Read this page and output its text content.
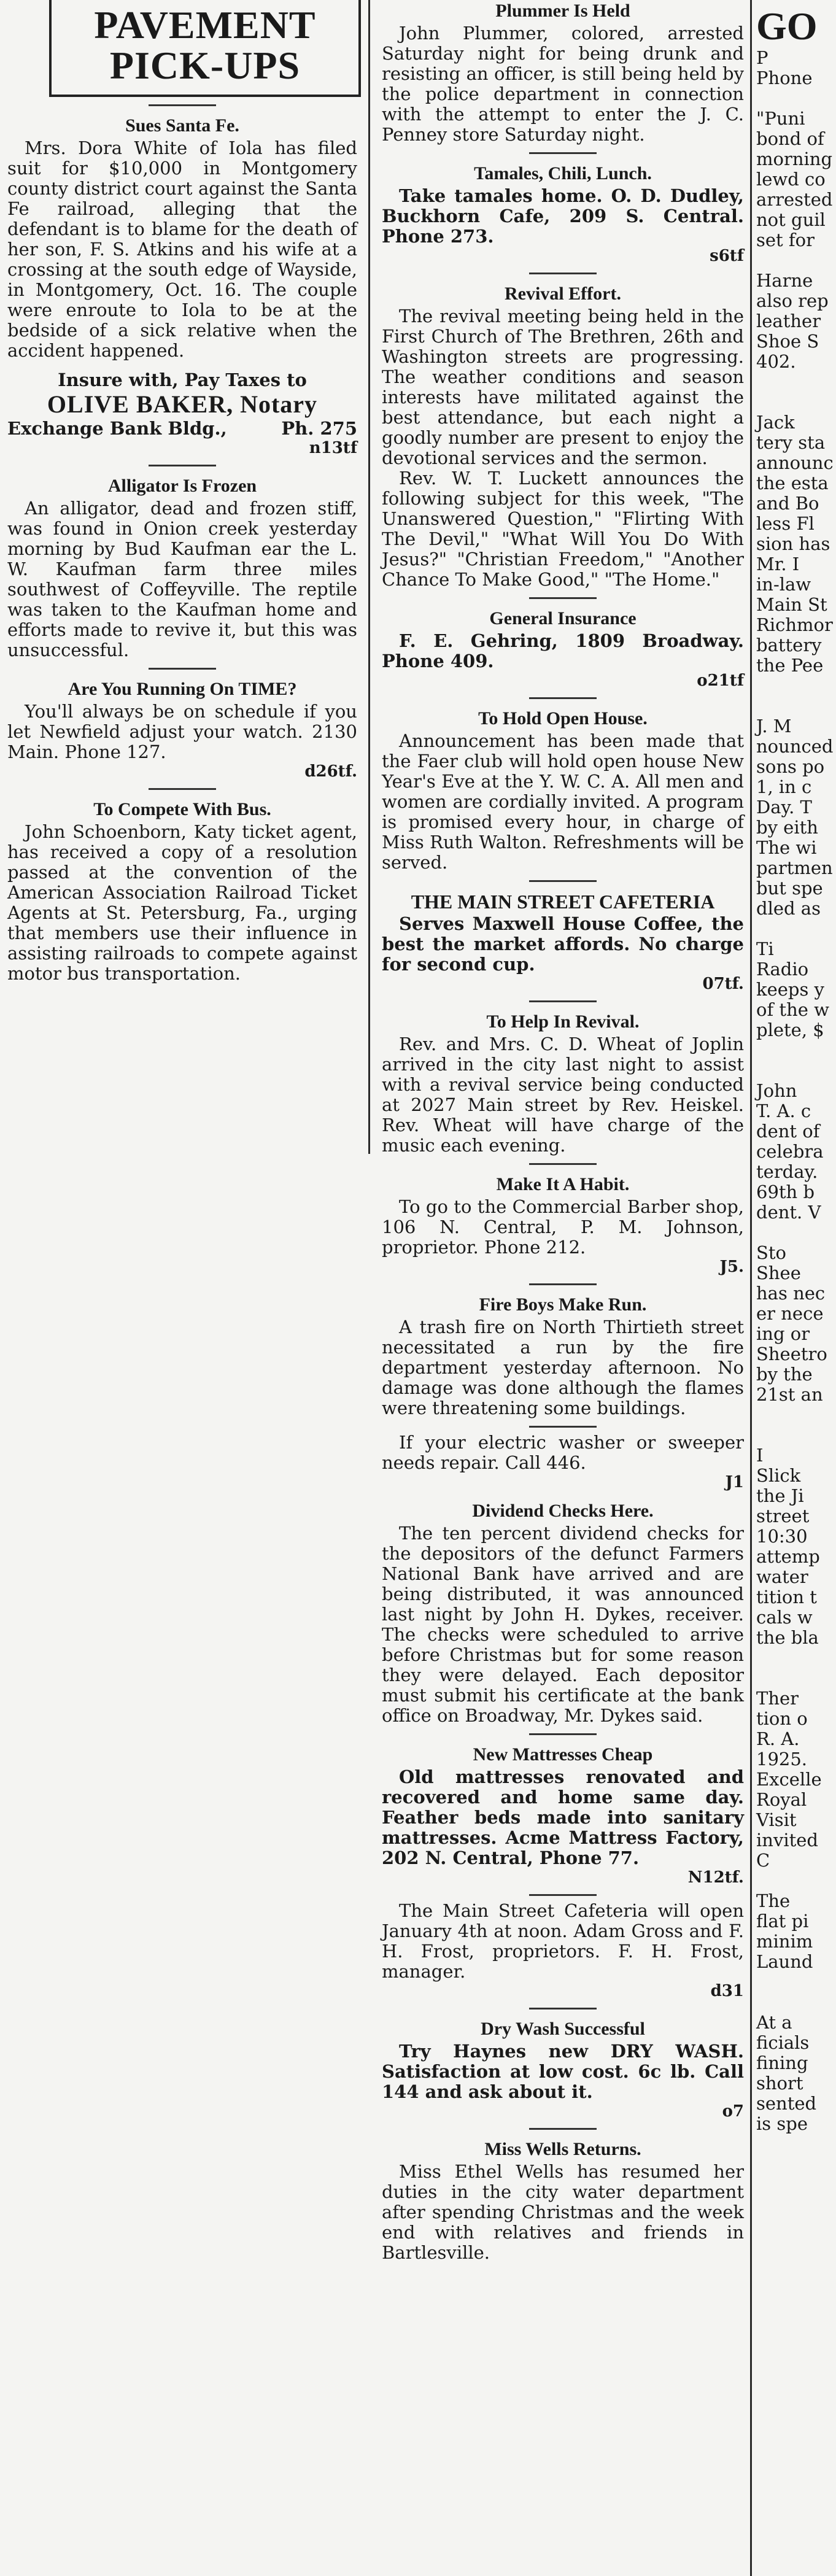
PAVEMENT
PICK-UPS
Sues Santa Fe.

Mrs. Dora White of Iola has filed suit for $10,000 in Montgomery county district court against the Santa Fe railroad, alleging that the defendant is to blame for the death of her son, F. S. Atkins and his wife at a crossing at the south edge of Wayside, in Montgomery, Oct. 16. The couple were enroute to Iola to be at the bedside of a sick relative when the accident happened.

Insure with, Pay Taxes to
OLIVE BAKER, Notary
Exchange Bank Bldg.,	Ph. 275
n13tf
Alligator Is Frozen

An alligator, dead and frozen stiff, was found in Onion creek yesterday morning by Bud Kaufman ear the L. W. Kaufman farm three miles southwest of Coffeyville. The reptile was taken to the Kaufman home and efforts made to revive it, but this was unsuccessful.

Are You Running On TIME?

You'll always be on schedule if you let Newfield adjust your watch. 2130 Main. Phone 127.

d26tf.
To Compete With Bus.

John Schoenborn, Katy ticket agent, has received a copy of a resolution passed at the convention of the American Association Railroad Ticket Agents at St. Petersburg, Fa., urging that members use their influence in assisting railroads to compete against motor bus transportation.

Plummer Is Held

John Plummer, colored, arrested Saturday night for being drunk and resisting an officer, is still being held by the police department in connection with the attempt to enter the J. C. Penney store Saturday night.

Tamales, Chili, Lunch.

Take tamales home. O. D. Dudley, Buckhorn Cafe, 209 S. Central. Phone 273.

s6tf
Revival Effort.

The revival meeting being held in the First Church of The Brethren, 26th and Washington streets are progressing. The weather conditions and season interests have militated against the best attendance, but each night a goodly number are present to enjoy the devotional services and the sermon.

Rev. W. T. Luckett announces the following subject for this week, "The Unanswered Question," "Flirting With The Devil," "What Will You Do With Jesus?" "Christian Freedom," "Another Chance To Make Good," "The Home."

General Insurance

F. E. Gehring, 1809 Broadway. Phone 409.

o21tf
To Hold Open House.

Announcement has been made that the Faer club will hold open house New Year's Eve at the Y. W. C. A. All men and women are cordially invited. A program is promised every hour, in charge of Miss Ruth Walton. Refreshments will be served.

THE MAIN STREET CAFETERIA

Serves Maxwell House Coffee, the best the market affords. No charge for second cup.

07tf.
To Help In Revival.

Rev. and Mrs. C. D. Wheat of Joplin arrived in the city last night to assist with a revival service being conducted at 2027 Main street by Rev. Heiskel. Rev. Wheat will have charge of the music each evening.

Make It A Habit.

To go to the Commercial Barber shop, 106 N. Central, P. M. Johnson, proprietor. Phone 212.

J5.
Fire Boys Make Run.

A trash fire on North Thirtieth street necessitated a run by the fire department yesterday afternoon. No damage was done although the flames were threatening some buildings.

If your electric washer or sweeper needs repair. Call 446.

J1
Dividend Checks Here.

The ten percent dividend checks for the depositors of the defunct Farmers National Bank have arrived and are being distributed, it was announced last night by John H. Dykes, receiver. The checks were scheduled to arrive before Christmas but for some reason they were delayed. Each depositor must submit his certificate at the bank office on Broadway, Mr. Dykes said.

New Mattresses Cheap

Old mattresses renovated and recovered and home same day. Feather beds made into sanitary mattresses. Acme Mattress Factory, 202 N. Central, Phone 77.

N12tf.

The Main Street Cafeteria will open January 4th at noon. Adam Gross and F. H. Frost, proprietors. F. H. Frost, manager.

d31
Dry Wash Successful

Try Haynes new DRY WASH. Satisfaction at low cost. 6c lb. Call 144 and ask about it.

o7
Miss Wells Returns.

Miss Ethel Wells has resumed her duties in the city water department after spending Christmas and the week end with relatives and friends in Bartlesville.

GO
P
Phone

"Puni
bond of
morning
lewd co
arrested
not guil
set for

Harne
also rep
leather
Shoe S
402.

Jack
tery sta
announc
the esta
and Bo
less Fl
sion has
Mr. I
in-law
Main St
Richmor
battery
the Pee

J. M
nounced
sons po
1, in c
Day. T
by eith
The wi
partmen
but spe
dled as

Ti
Radio
keeps y
of the w
plete, $

John
T. A. c
dent of
celebra
terday.
69th b
dent. V

Sto
Shee
has nec
er nece
ing or
Sheetro
by the
21st an

I
Slick
the Ji
street
10:30
attemp
water
tition t
cals w
the bla

Ther
tion o
R. A.
1925.
Excelle
Royal
Visit
invited
C

The
flat pi
minim
Laund

At a
ficials
fining
short
sented
is spe
